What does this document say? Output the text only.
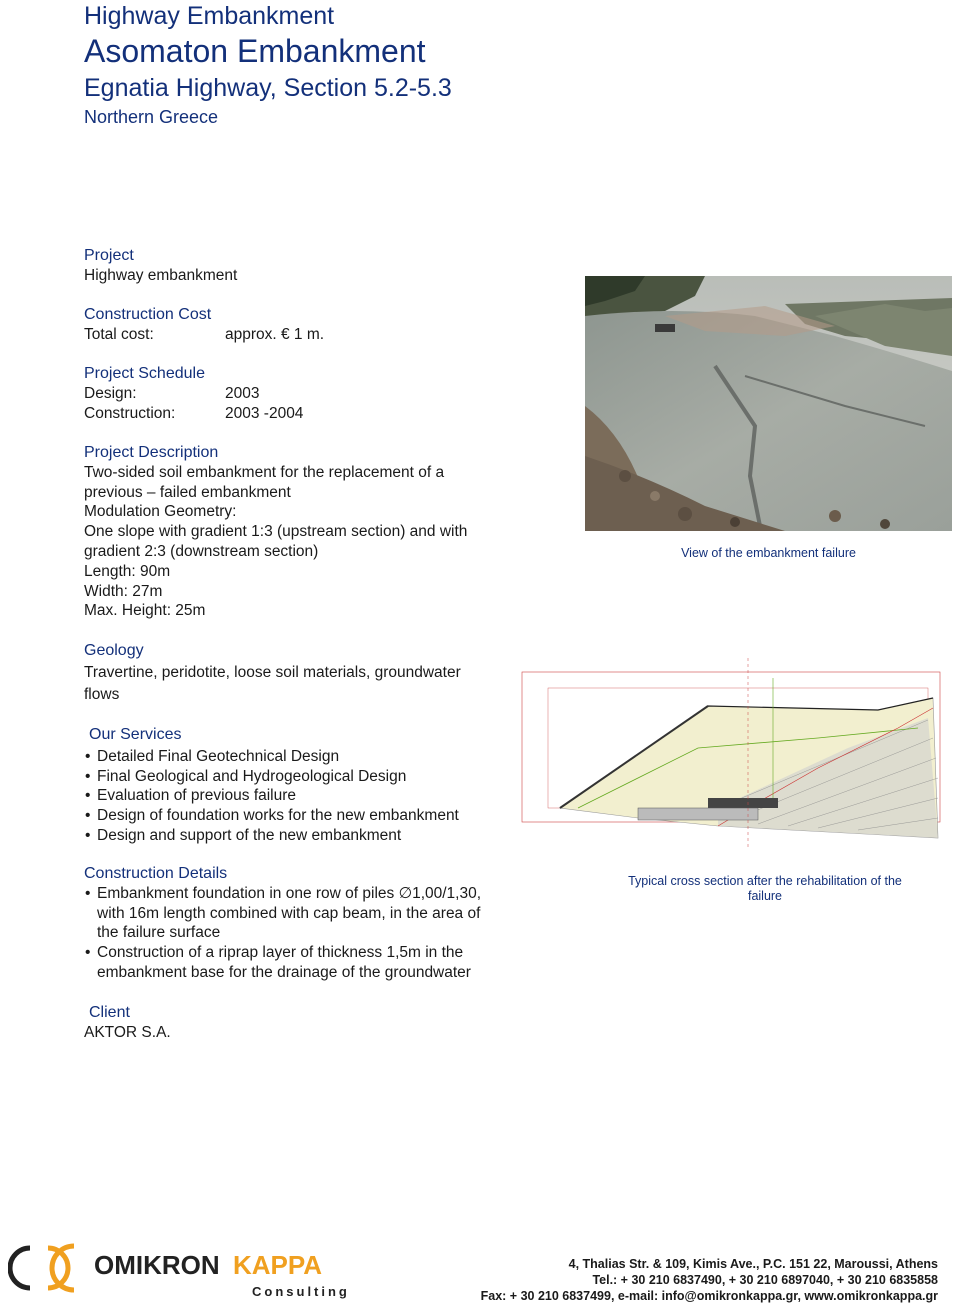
Highway Embankment
Asomaton Embankment
Egnatia Highway, Section 5.2-5.3
Northern Greece
Project
Highway embankment
Construction Cost
Total cost:	approx. € 1 m.
Project Schedule
Design:	2003
Construction:	2003 -2004
Project Description
Two-sided soil embankment for the replacement of a
previous – failed embankment
Modulation Geometry:
One slope with gradient 1:3 (upstream section) and with
gradient 2:3 (downstream section)
Length: 90m
Width: 27m
Max. Height: 25m
Geology
Travertine, peridotite, loose soil materials, groundwater
flows
Our Services
• Detailed Final Geotechnical Design
• Final Geological and Hydrogeological Design
• Evaluation of previous failure
• Design of foundation works for the new embankment
• Design and support of the new embankment
Construction Details
• Embankment foundation in one row of piles ∅1,00/1,30, with 16m length combined with cap beam, in the area of the failure surface
• Construction of a riprap layer of thickness 1,5m in the embankment base for the drainage of the groundwater
Client
AKTOR S.A.
View of the embankment failure
Typical cross section after the rehabilitation of the failure
OMIKRON KAPPA
Consulting
4, Thalias Str. & 109, Kimis Ave., P.C. 151 22, Maroussi, Athens
Tel.: + 30 210 6837490, + 30 210 6897040, + 30 210 6835858
Fax: + 30 210 6837499, e-mail: info@omikronkappa.gr, www.omikronkappa.gr
